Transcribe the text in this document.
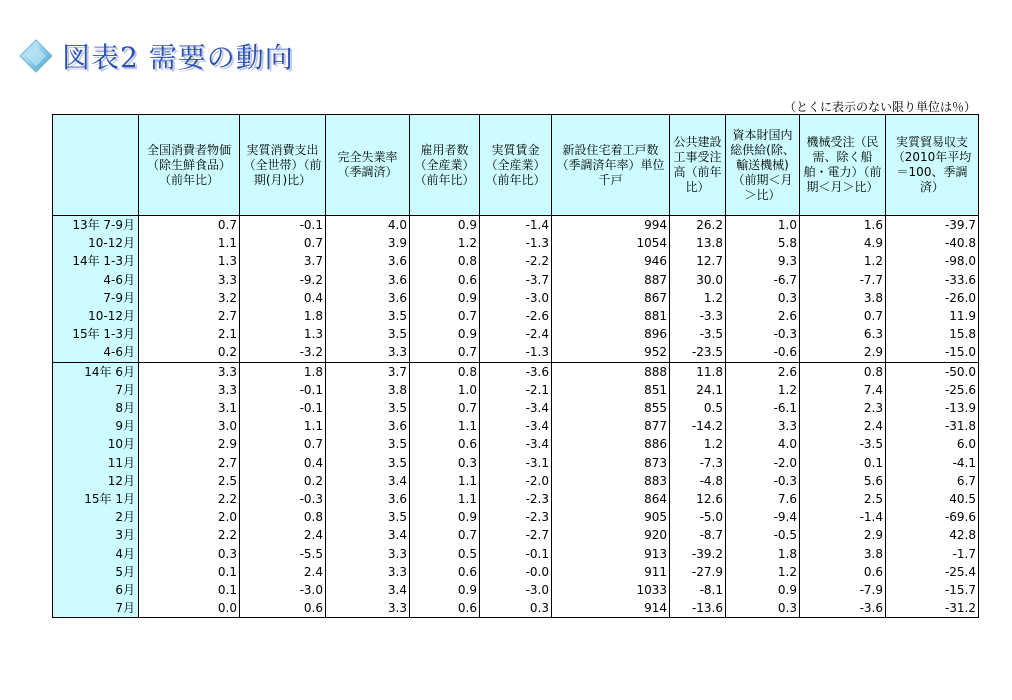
図表2 需要の動向
（とくに表示のない限り単位は％）
	全国消費者物価（除生鮮食品）（前年比）	実質消費支出（全世帯）（前期(月)比）	完全失業率（季調済）	雇用者数（全産業）（前年比）	実質賃金（全産業）（前年比）	新設住宅着工戸数（季調済年率）単位 千戸	公共建設工事受注高（前年比）	資本財国内総供給(除、輸送機械)（前期＜月＞比）	機械受注（民需、除く船舶・電力）（前期＜月＞比）	実質貿易収支（2010年平均＝100、季調済）
13年 7-9月	0.7	-0.1	4.0	0.9	-1.4	994	26.2	1.0	1.6	-39.7
10-12月	1.1	0.7	3.9	1.2	-1.3	1054	13.8	5.8	4.9	-40.8
14年 1-3月	1.3	3.7	3.6	0.8	-2.2	946	12.7	9.3	1.2	-98.0
4-6月	3.3	-9.2	3.6	0.6	-3.7	887	30.0	-6.7	-7.7	-33.6
7-9月	3.2	0.4	3.6	0.9	-3.0	867	1.2	0.3	3.8	-26.0
10-12月	2.7	1.8	3.5	0.7	-2.6	881	-3.3	2.6	0.7	11.9
15年 1-3月	2.1	1.3	3.5	0.9	-2.4	896	-3.5	-0.3	6.3	15.8
4-6月	0.2	-3.2	3.3	0.7	-1.3	952	-23.5	-0.6	2.9	-15.0
14年 6月	3.3	1.8	3.7	0.8	-3.6	888	11.8	2.6	0.8	-50.0
7月	3.3	-0.1	3.8	1.0	-2.1	851	24.1	1.2	7.4	-25.6
8月	3.1	-0.1	3.5	0.7	-3.4	855	0.5	-6.1	2.3	-13.9
9月	3.0	1.1	3.6	1.1	-3.4	877	-14.2	3.3	2.4	-31.8
10月	2.9	0.7	3.5	0.6	-3.4	886	1.2	4.0	-3.5	6.0
11月	2.7	0.4	3.5	0.3	-3.1	873	-7.3	-2.0	0.1	-4.1
12月	2.5	0.2	3.4	1.1	-2.0	883	-4.8	-0.3	5.6	6.7
15年 1月	2.2	-0.3	3.6	1.1	-2.3	864	12.6	7.6	2.5	40.5
2月	2.0	0.8	3.5	0.9	-2.3	905	-5.0	-9.4	-1.4	-69.6
3月	2.2	2.4	3.4	0.7	-2.7	920	-8.7	-0.5	2.9	42.8
4月	0.3	-5.5	3.3	0.5	-0.1	913	-39.2	1.8	3.8	-1.7
5月	0.1	2.4	3.3	0.6	-0.0	911	-27.9	1.2	0.6	-25.4
6月	0.1	-3.0	3.4	0.9	-3.0	1033	-8.1	0.9	-7.9	-15.7
7月	0.0	0.6	3.3	0.6	0.3	914	-13.6	0.3	-3.6	-31.2
